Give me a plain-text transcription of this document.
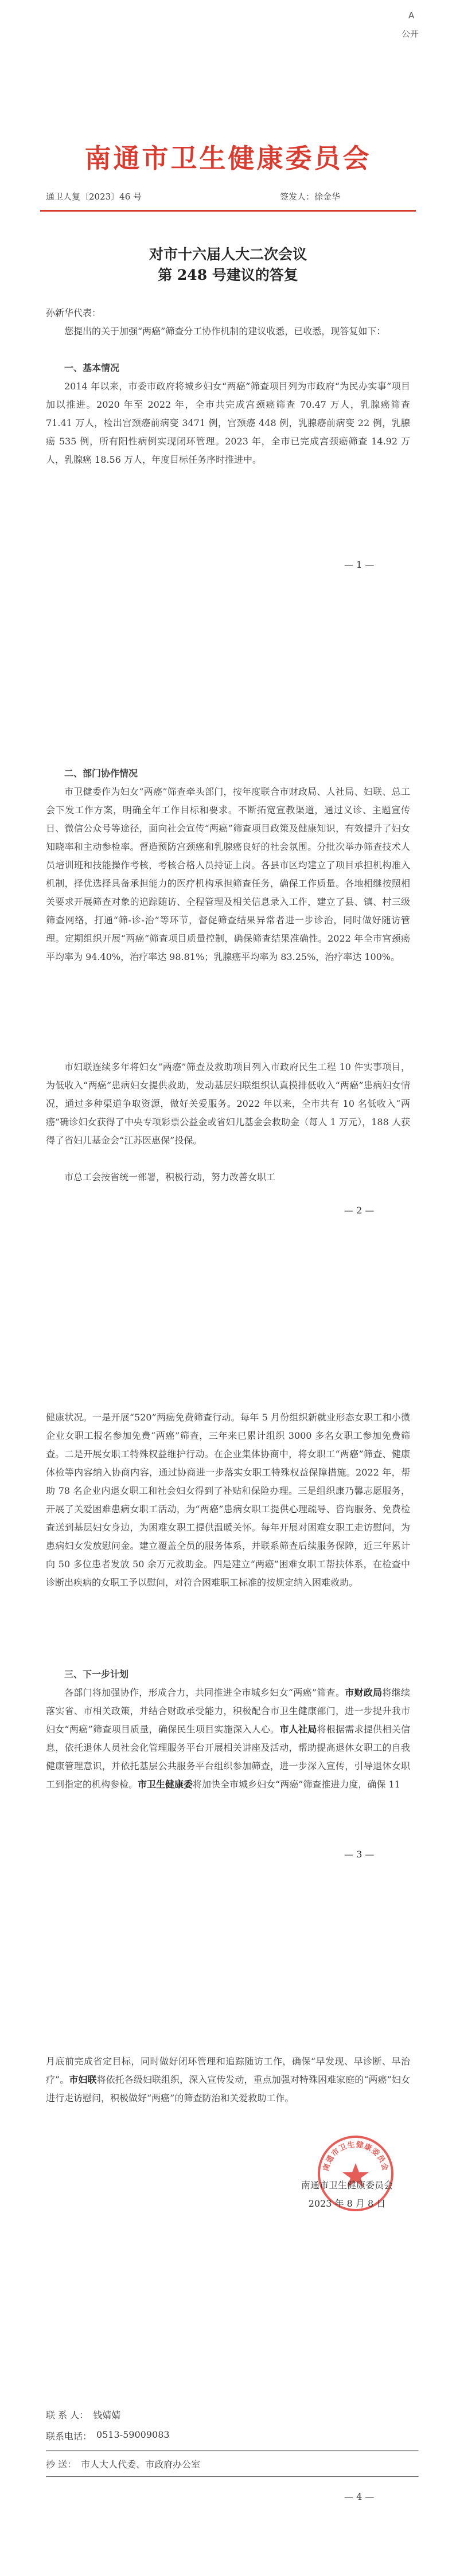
A
公开
南通市卫生健康委员会
通卫人复〔2023〕46 号	签发人：徐金华
对市十六届人大二次会议
第 248 号建议的答复

孙新华代表：

您提出的关于加强“两癌”筛查分工协作机制的建议收悉，已收悉，现答复如下：

一、基本情况

2014 年以来，市委市政府将城乡妇女“两癌”筛查项目列为市政府“为民办实事”项目加以推进。2020 年至 2022 年，全市共完成宫颈癌筛查 70.47 万人，乳腺癌筛查 71.41 万人，检出宫颈癌前病变 3471 例，宫颈癌 448 例，乳腺癌前病变 22 例，乳腺癌 535 例，所有阳性病例实现闭环管理。2023 年，全市已完成宫颈癌筛查 14.92 万人，乳腺癌 18.56 万人，年度目标任务序时推进中。

— 1 —

二、部门协作情况

市卫健委作为妇女“两癌”筛查牵头部门，按年度联合市财政局、人社局、妇联、总工会下发工作方案，明确全年工作目标和要求。不断拓宽宣教渠道，通过义诊、主题宣传日、微信公众号等途径，面向社会宣传“两癌”筛查项目政策及健康知识，有效提升了妇女知晓率和主动参检率。督造预防宫颈癌和乳腺癌良好的社会氛围。分批次举办筛查技术人员培训班和技能操作考核，考核合格人员持证上岗。各县市区均建立了项目承担机构准入机制，择优选择具备承担能力的医疗机构承担筛查任务，确保工作质量。各地相继按照相关要求开展筛查对象的追踪随访、全程管理及相关信息录入工作，建立了县、镇、村三级筛查网络，打通“筛-诊-治”等环节，督促筛查结果异常者进一步诊治，同时做好随访管理。定期组织开展“两癌”筛查项目质量控制，确保筛查结果准确性。2022 年全市宫颈癌平均率为 94.40%，治疗率达 98.81%；乳腺癌平均率为 83.25%，治疗率达 100%。

市妇联连续多年将妇女“两癌”筛查及救助项目列入市政府民生工程 10 件实事项目，为低收入“两癌”患病妇女提供救助，发动基层妇联组织认真摸排低收入“两癌”患病妇女情况，通过多种渠道争取资源，做好关爱服务。2022 年以来，全市共有 10 名低收入“两癌”确诊妇女获得了中央专项彩票公益金或省妇儿基金会救助金（每人 1 万元），188 人获得了省妇儿基金会“江苏医惠保”投保。

市总工会按省统一部署，积极行动，努力改善女职工

— 2 —

健康状况。一是开展“520”两癌免费筛查行动。每年 5 月份组织新就业形态女职工和小微企业女职工报名参加免费“两癌”筛查，三年来已累计组织 3000 多名女职工参加免费筛查。二是开展女职工特殊权益维护行动。在企业集体协商中，将女职工“两癌”筛查、健康体检等内容纳入协商内容，通过协商进一步落实女职工特殊权益保障措施。2022 年，帮助 78 名企业内退女职工和社会妇女得到了补贴和保险办理。三是组织康乃馨志愿服务，开展了关爱困难患病女职工活动，为“两癌”患病女职工提供心理疏导、咨询服务、免费检查送到基层妇女身边，为困难女职工提供温暖关怀。每年开展对困难女职工走访慰问，为患病妇女发放慰问金。建立覆盖全员的服务体系，并联系筛查后续服务保障，近三年累计向 50 多位患者发放 50 余万元救助金。四是建立“两癌”困难女职工帮扶体系，在检查中诊断出疾病的女职工予以慰问，对符合困难职工标准的按规定纳入困难救助。

三、下一步计划

各部门将加强协作，形成合力，共同推进全市城乡妇女“两癌”筛查。市财政局将继续落实省、市相关政策，并结合财政承受能力，积极配合市卫生健康部门，进一步提升我市妇女“两癌”筛查项目质量，确保民生项目实施深入人心。市人社局将根据需求提供相关信息，依托退休人员社会化管理服务平台开展相关讲座及活动，帮助提高退休女职工的自我健康管理意识，并依托基层公共服务平台组织参加筛查，进一步深入宣传，引导退休女职工到指定的机构参检。市卫生健康委将加快全市城乡妇女“两癌”筛查推进力度，确保 11

— 3 —

月底前完成省定目标，同时做好闭环管理和追踪随访工作，确保“早发现、早诊断、早治疗”。市妇联将依托各级妇联组织，深入宣传发动，重点加强对特殊困难家庭的“两癌”妇女进行走访慰问，积极做好“两癌”的筛查防治和关爱救助工作。

联 系 人： 钱婧婧
联系电话： 0513-59009083
抄 送： 市人大人代委、市政府办公室
— 4 —
南通市卫生健康委员会
南通市卫生健康委员会
2023 年 8 月 8 日
